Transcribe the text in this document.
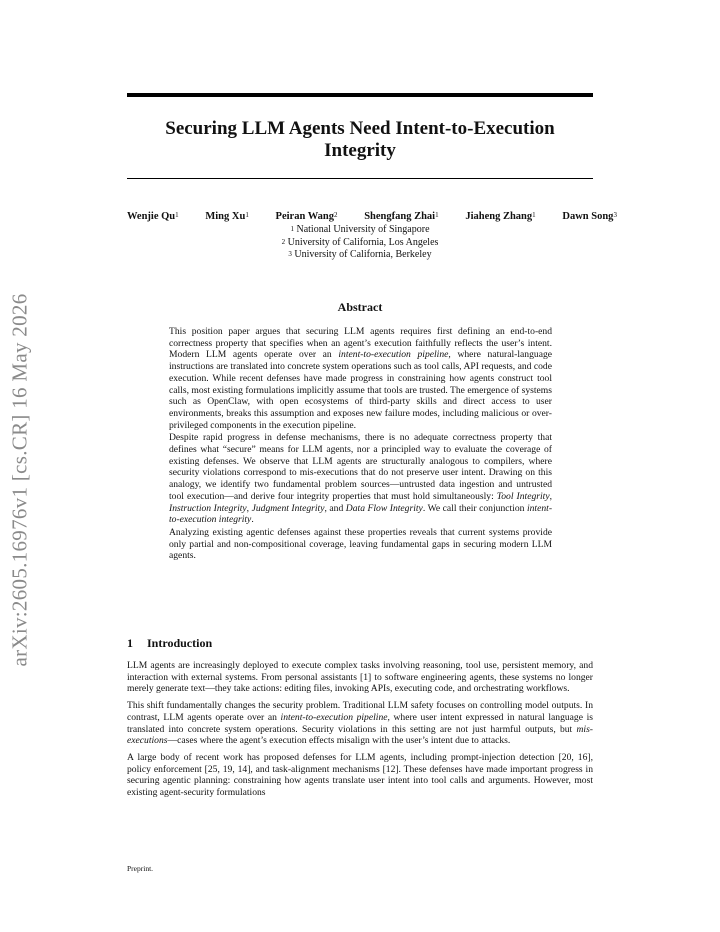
arXiv:2605.16976v1 [cs.CR] 16 May 2026
Securing LLM Agents Need Intent-to-Execution
Integrity
Wenjie Qu$^1$	Ming Xu$^1$	Peiran Wang$^2$	Shengfang Zhai$^1$	Jiaheng Zhang$^1$	Dawn Song$^3$
$^1$ National University of Singapore
$^2$ University of California, Los Angeles
$^3$ University of California, Berkeley
Abstract

This position paper argues that securing LLM agents requires first defining an end-to-end correctness property that specifies when an agent’s execution faithfully reflects the user’s intent. Modern LLM agents operate over an intent-to-execution pipeline, where natural-language instructions are translated into concrete system operations such as tool calls, API requests, and code execution. While recent defenses have made progress in constraining how agents construct tool calls, most existing formulations implicitly assume that tools are trusted. The emergence of systems such as OpenClaw, with open ecosystems of third-party skills and direct access to user environments, breaks this assumption and exposes new failure modes, including malicious or over-privileged components in the execution pipeline.

Despite rapid progress in defense mechanisms, there is no adequate correctness property that defines what “secure” means for LLM agents, nor a principled way to evaluate the coverage of existing defenses. We observe that LLM agents are structurally analogous to compilers, where security violations correspond to mis-executions that do not preserve user intent. Drawing on this analogy, we identify two fundamental problem sources—untrusted data ingestion and untrusted tool execution—and derive four integrity properties that must hold simultaneously: Tool Integrity, Instruction Integrity, Judgment Integrity, and Data Flow Integrity. We call their conjunction intent-to-execution integrity.

Analyzing existing agentic defenses against these properties reveals that current systems provide only partial and non-compositional coverage, leaving fundamental gaps in securing modern LLM agents.

1 Introduction

LLM agents are increasingly deployed to execute complex tasks involving reasoning, tool use, persistent memory, and interaction with external systems. From personal assistants [1] to software engineering agents, these systems no longer merely generate text—they take actions: editing files, invoking APIs, executing code, and orchestrating workflows.

This shift fundamentally changes the security problem. Traditional LLM safety focuses on controlling model outputs. In contrast, LLM agents operate over an intent-to-execution pipeline, where user intent expressed in natural language is translated into concrete system operations. Security violations in this setting are not just harmful outputs, but mis-executions—cases where the agent’s execution effects misalign with the user’s intent due to attacks.

A large body of recent work has proposed defenses for LLM agents, including prompt-injection detection [20, 16], policy enforcement [25, 19, 14], and task-alignment mechanisms [12]. These defenses have made important progress in securing agentic planning: constraining how agents translate user intent into tool calls and arguments. However, most existing agent-security formulations

Preprint.
